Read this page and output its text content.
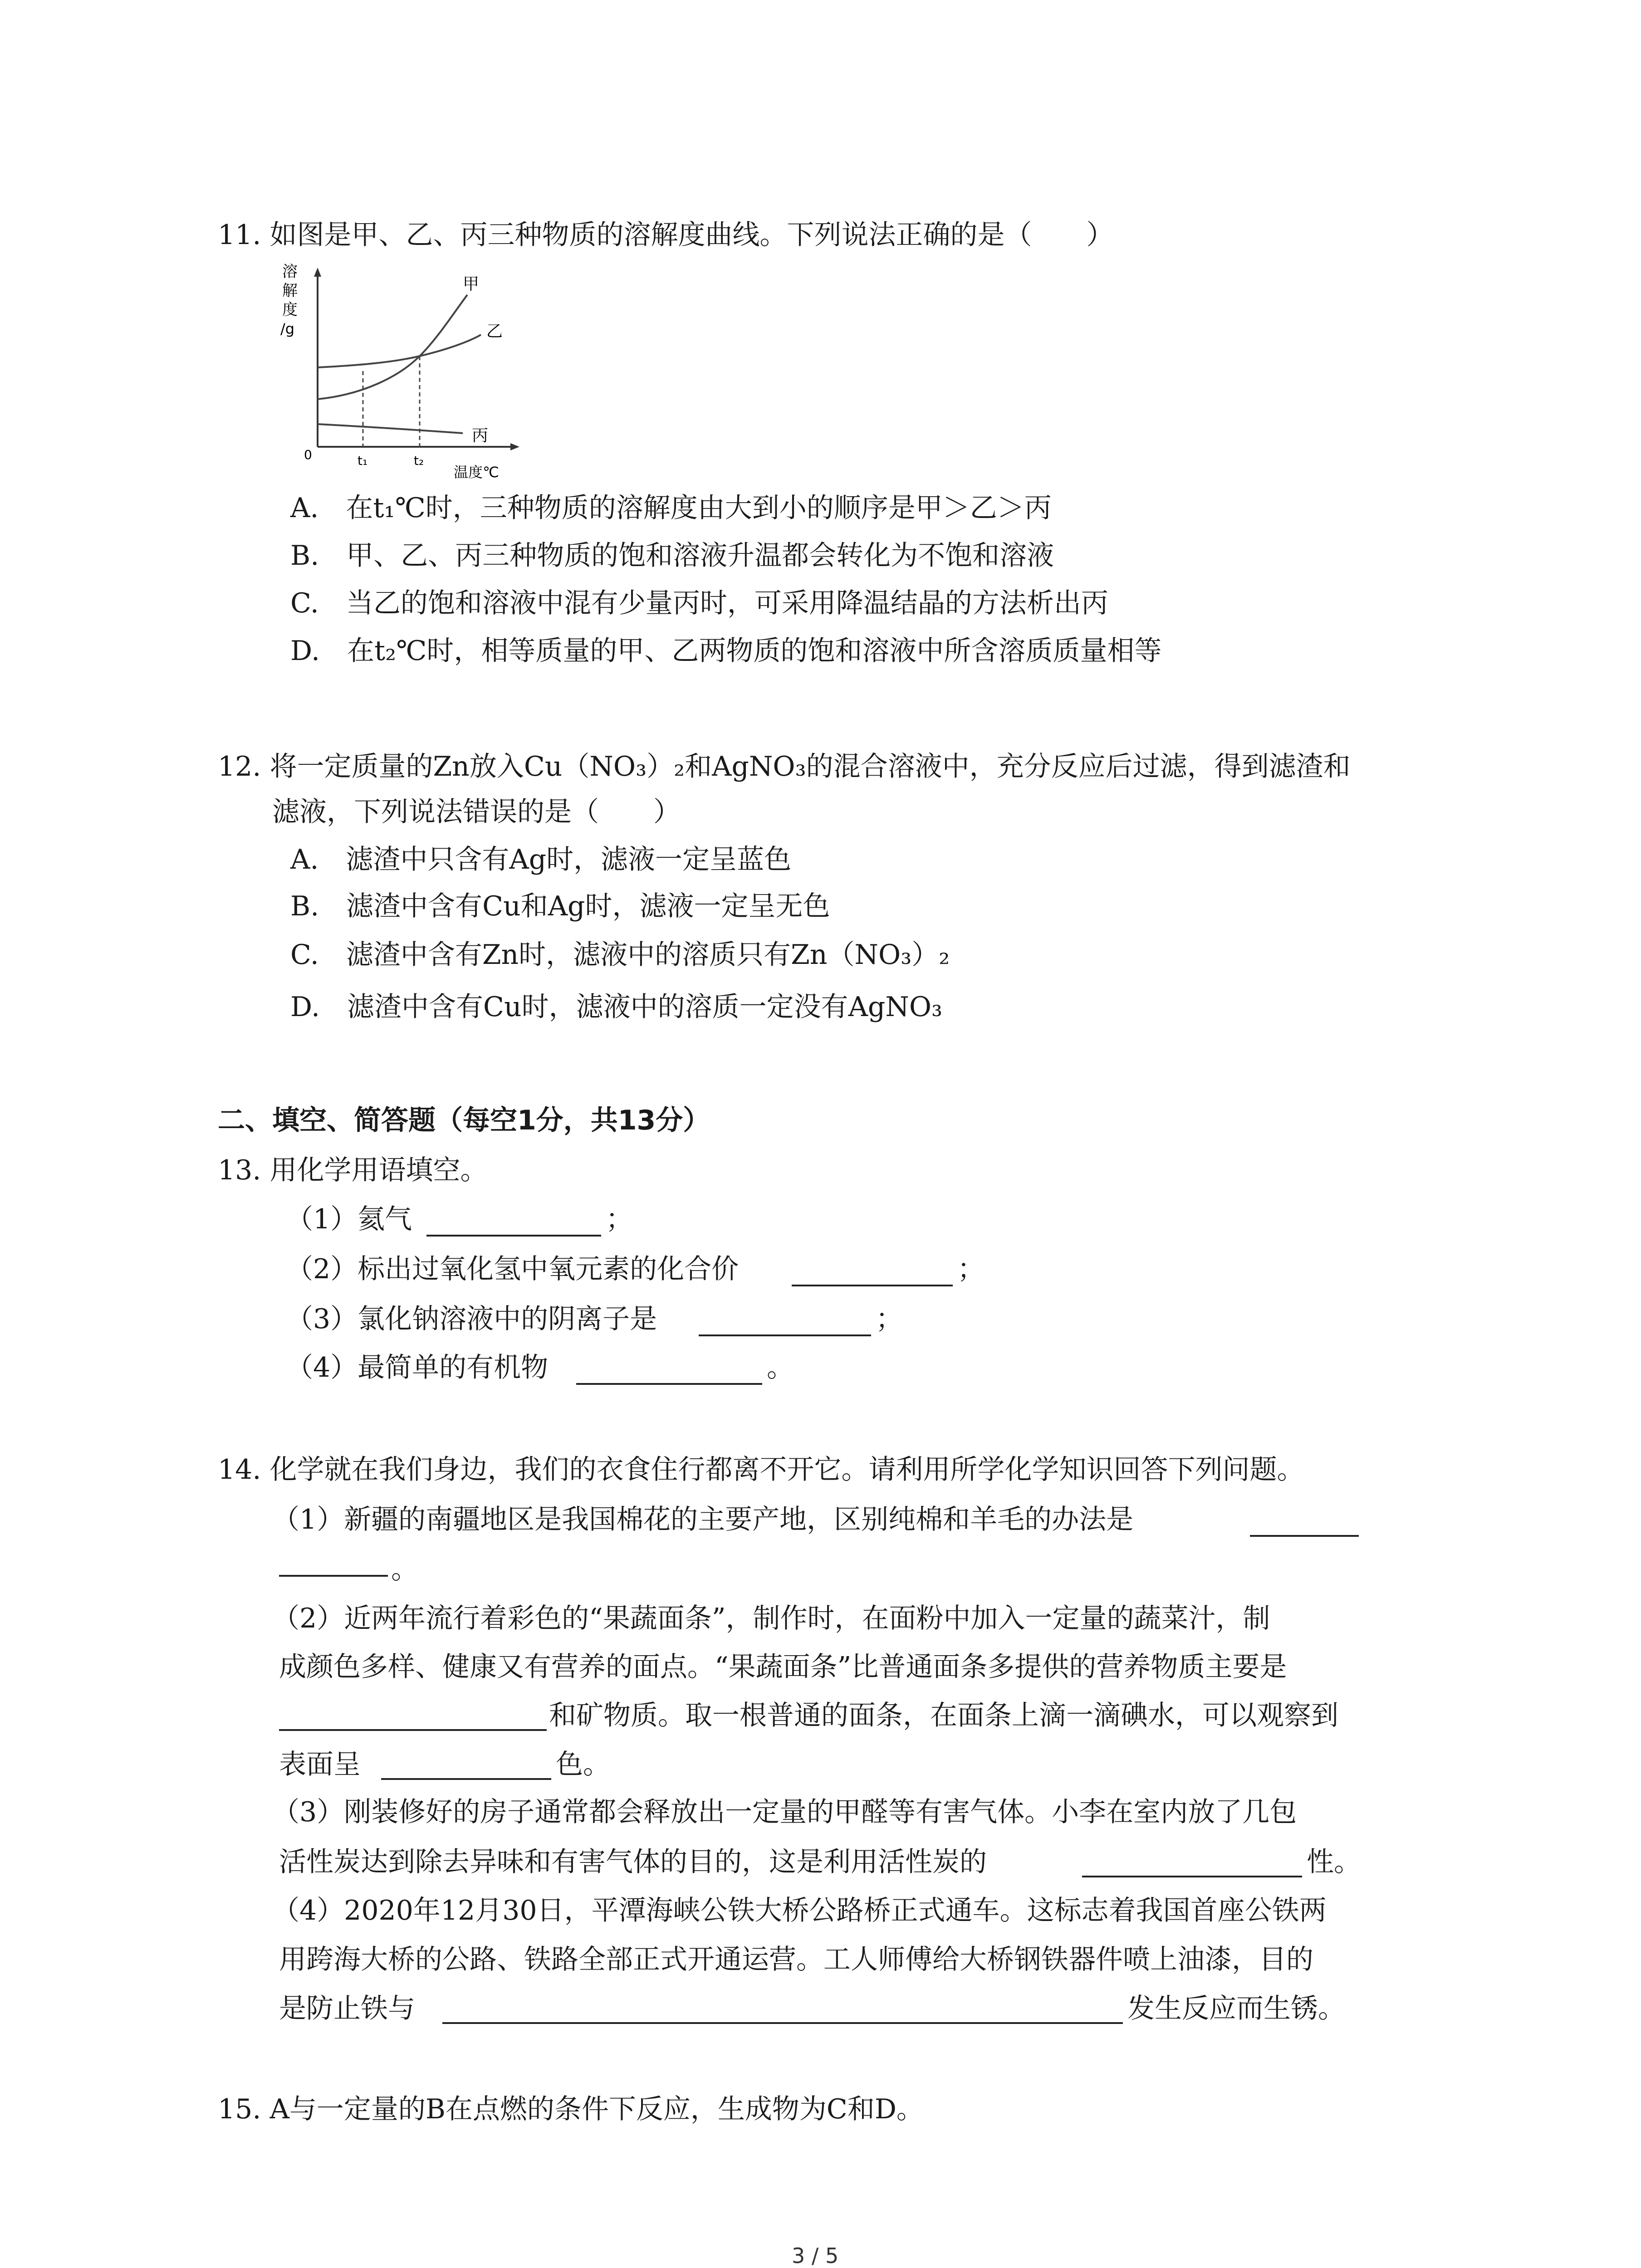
11. 如图是甲、乙、丙三种物质的溶解度曲线。下列说法正确的是（　　）
溶
解
度
/g
0	t₁	t₂
甲
乙
丙
温度℃
A.　在t₁℃时，三种物质的溶解度由大到小的顺序是甲＞乙＞丙
B.　甲、乙、丙三种物质的饱和溶液升温都会转化为不饱和溶液
C.　当乙的饱和溶液中混有少量丙时，可采用降温结晶的方法析出丙
D.　在t₂℃时，相等质量的甲、乙两物质的饱和溶液中所含溶质质量相等
12. 将一定质量的Zn放入Cu（NO₃）₂和AgNO₃的混合溶液中，充分反应后过滤，得到滤渣和
滤液，下列说法错误的是（　　）
A.　滤渣中只含有Ag时，滤液一定呈蓝色
B.　滤渣中含有Cu和Ag时，滤液一定呈无色
C.　滤渣中含有Zn时，滤液中的溶质只有Zn（NO₃）₂
D.　滤渣中含有Cu时，滤液中的溶质一定没有AgNO₃
二、填空、简答题（每空1分，共13分）
13. 用化学用语填空。
（1）氦气	；
（2）标出过氧化氢中氧元素的化合价	；
（3）氯化钠溶液中的阴离子是	；
（4）最简单的有机物	。
14. 化学就在我们身边，我们的衣食住行都离不开它。请利用所学化学知识回答下列问题。
（1）新疆的南疆地区是我国棉花的主要产地，区别纯棉和羊毛的办法是
。
（2）近两年流行着彩色的“果蔬面条”，制作时，在面粉中加入一定量的蔬菜汁，制
成颜色多样、健康又有营养的面点。“果蔬面条”比普通面条多提供的营养物质主要是
和矿物质。取一根普通的面条，在面条上滴一滴碘水，可以观察到
表面呈	色。
（3）刚装修好的房子通常都会释放出一定量的甲醛等有害气体。小李在室内放了几包
活性炭达到除去异味和有害气体的目的，这是利用活性炭的	性。
（4）2020年12月30日，平潭海峡公铁大桥公路桥正式通车。这标志着我国首座公铁两
用跨海大桥的公路、铁路全部正式开通运营。工人师傅给大桥钢铁器件喷上油漆，目的
是防止铁与	发生反应而生锈。
15. A与一定量的B在点燃的条件下反应，生成物为C和D。
3 / 5
